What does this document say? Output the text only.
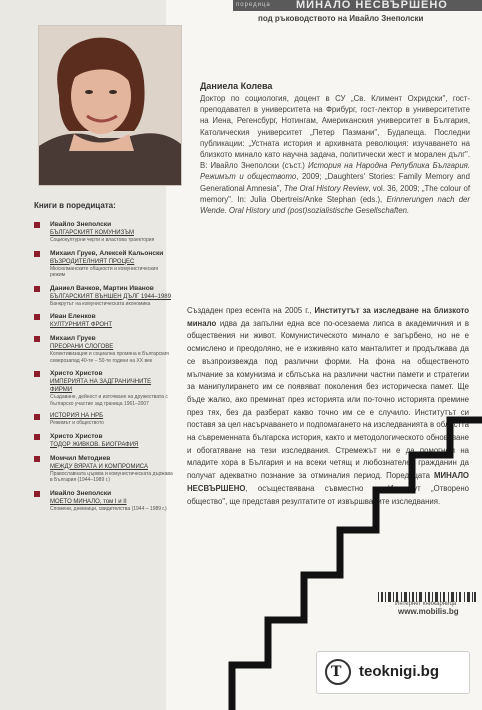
поредица МИНАЛО НЕСВЪРШЕНО
под ръководството на Ивайло Знеполски
Даниела Колева

Доктор по социология, доцент в СУ „Св. Климент Охридски", гост-преподавател в университета на Фрибург, гост-лектор в университетите на Иена, Регенсбург, Нотингам, Американския университет в България, Католическия университет „Петер Пазмани", Будапеща. Последни публикации: „Устната история и архивната революция: изучаването на близкото минало като научна задача, политически жест и морален дълг". В: Ивайло Знеполски (съст.) История на Народна Република България. Режимът и обществото, 2009; „Daughters' Stories: Family Memory and Generational Amnesia", The Oral History Review, vol. 36, 2009; „The colour of memory". In: Julia Obertreis/Anke Stephan (eds.), Erinnerungen nach der Wende. Oral History und (post)sozialistische Gesellschaften.

Книги в поредицата:
Ивайло Знеполски
БЪЛГАРСКИЯТ КОМУНИЗЪМ
Социокултурни черти и властова траектория
Михаил Груев, Алексей Кальонски
ВЪЗРОДИТЕЛНИЯТ ПРОЦЕС
Мюсюлманските общности и комунистическия режим
Даниел Вачков, Мартин Иванов
БЪЛГАРСКИЯТ ВЪНШЕН ДЪЛГ 1944–1989
Банкрутът на комунистическата икономика
Иван Еленков
КУЛТУРНИЯТ ФРОНТ
Михаил Груев
ПРЕОРАНИ СЛОГОВЕ
Колективизация и социална промяна в Българския северозапад 40-те – 50-те години на ХХ век
Христо Христов
ИМПЕРИЯТА НА ЗАДГРАНИЧНИТЕ ФИРМИ
Създаване, дейност и източване на дружествата с българско участие зад граница 1961–2007
ИСТОРИЯ НА НРБ
Режимът и обществото
Христо Христов
ТОДОР ЖИВКОВ. БИОГРАФИЯ
Момчил Методиев
МЕЖДУ ВЯРАТА И КОМПРОМИСА
Православната църква и комунистическата държава в България (1944–1989 г.)
Ивайло Знеполски
МОЕТО МИНАЛО, том I и II
Спомени, дневници, свидетелства (1944 – 1989 г.)

Създаден през есента на 2005 г., Институтът за изследване на близкото минало идва да запълни една все по-осезаема липса в академичния и в обществения ни живот. Комунистическото минало е загърбено, но не е осмислено и преодоляно, не е изживяно като манталитет и продължава да се възпроизвежда под различни форми. На фона на общественото мълчание за комунизма и сблъсъка на различни частни памети и стратегии за манипулирането им се появяват поколения без историческа памет. Ще бъде жалко, ако преминат през историята или по-точно историята премине през тях, без да разберат какво точно им се е случило. Институтът си поставя за цел насърчаването и подпомагането на изследванията в областта на съвременната българска история, както и методологическото обновяване и обогатяване на тези изследвания. Стремежът ни е да помогнем на младите хора в България и на всеки четящ и любознателен гражданин да получат адекватно познание за отминалия период. Поредицата МИНАЛО НЕСВЪРШЕНО, осъществявана съвместно с Институт „Отворено общество", ще представя резултатите от извършваните изследвания.

Интернет книжарница
www.mobilis.bg
T teoknigi.bg
